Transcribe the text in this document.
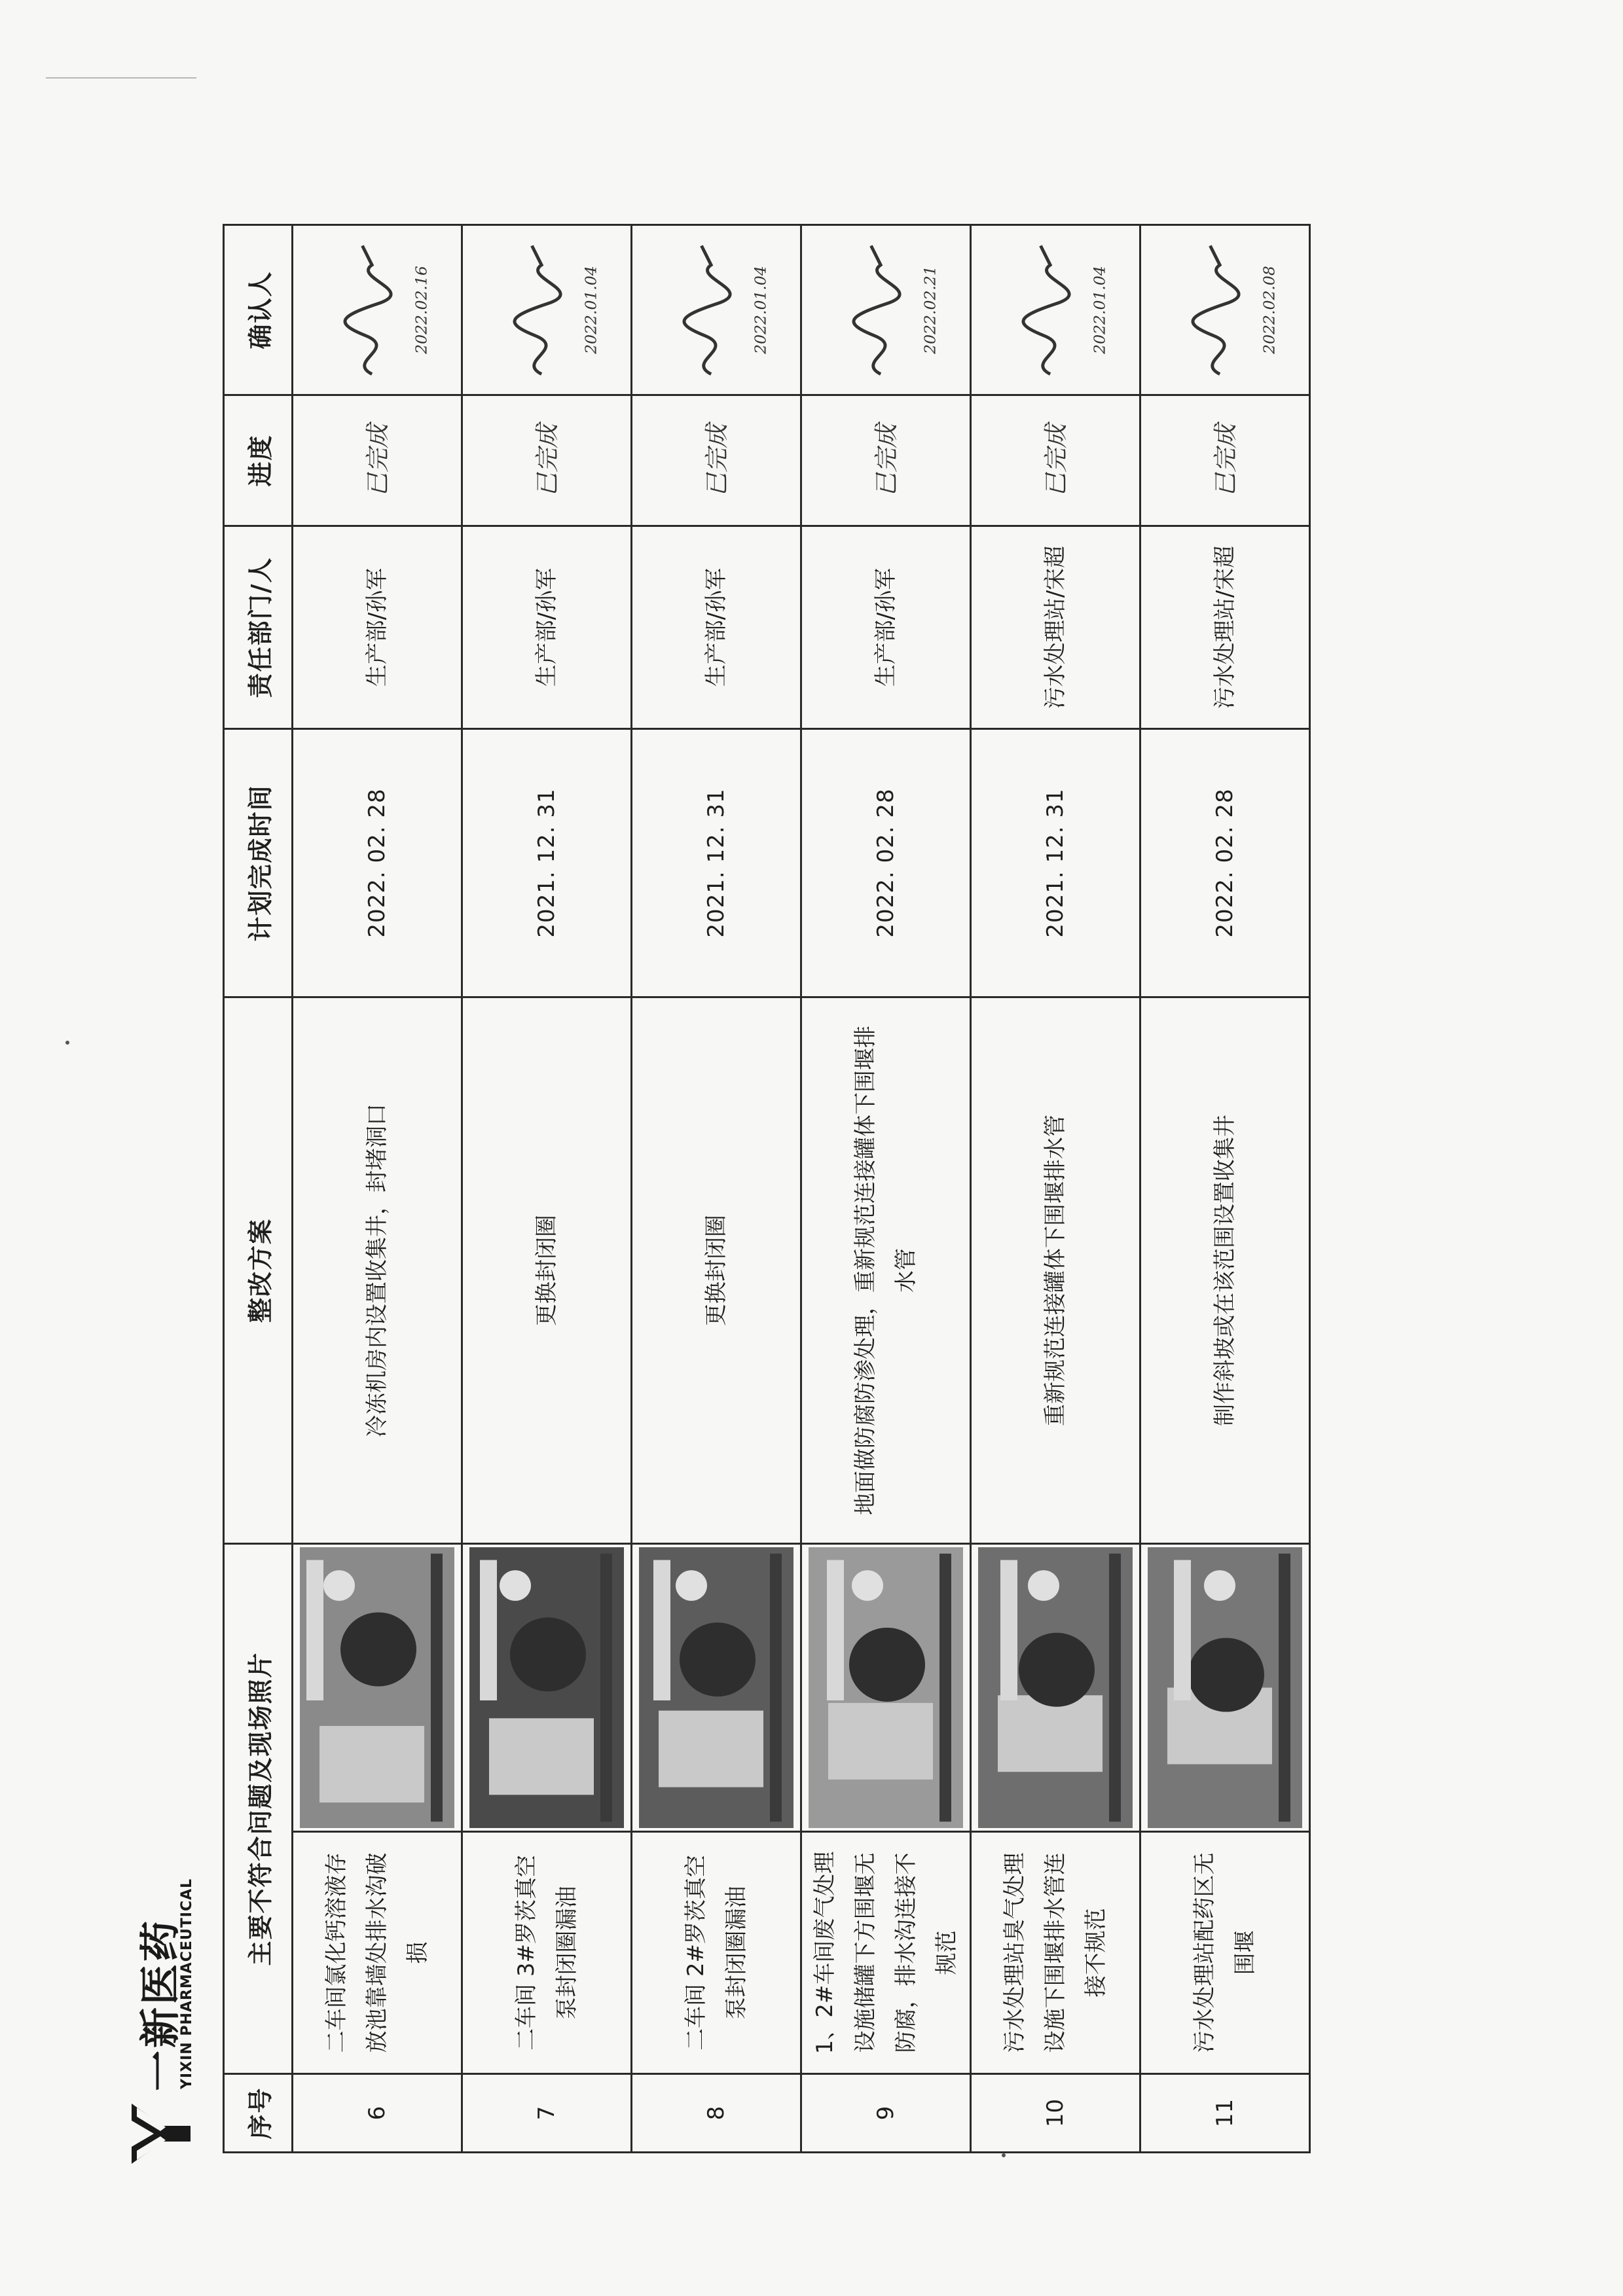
序号	主要不符合问题及现场照片		整改方案	计划完成时间	责任部门/人	进度	确认人
6	二车间氯化钙溶液存放池靠墙处排水沟破损		冷冻机房内设置收集井，封堵洞口	2022. 02. 28	生产部/孙军	已完成	2022.02.16

7	二车间 3#罗茨真空泵封闭圈漏油		更换封闭圈	2021. 12. 31	生产部/孙军	已完成	2022.01.04

8	二车间 2#罗茨真空泵封闭圈漏油		更换封闭圈	2021. 12. 31	生产部/孙军	已完成	2022.01.04

9	1、2#车间废气处理设施储罐下方围堰无防腐，排水沟连接不规范		地面做防腐防渗处理，重新规范连接罐体下围堰排水管	2022. 02. 28	生产部/孙军	已完成	2022.02.21

10	污水处理站臭气处理设施下围堰排水管连接不规范		重新规范连接罐体下围堰排水管	2021. 12. 31	污水处理站/宋超	已完成	2022.01.04

11	污水处理站配药区无围堰		制作斜坡或在该范围设置收集井	2022. 02. 28	污水处理站/宋超	已完成	2022.02.08
一新医药
YIXIN PHARMACEUTICAL
